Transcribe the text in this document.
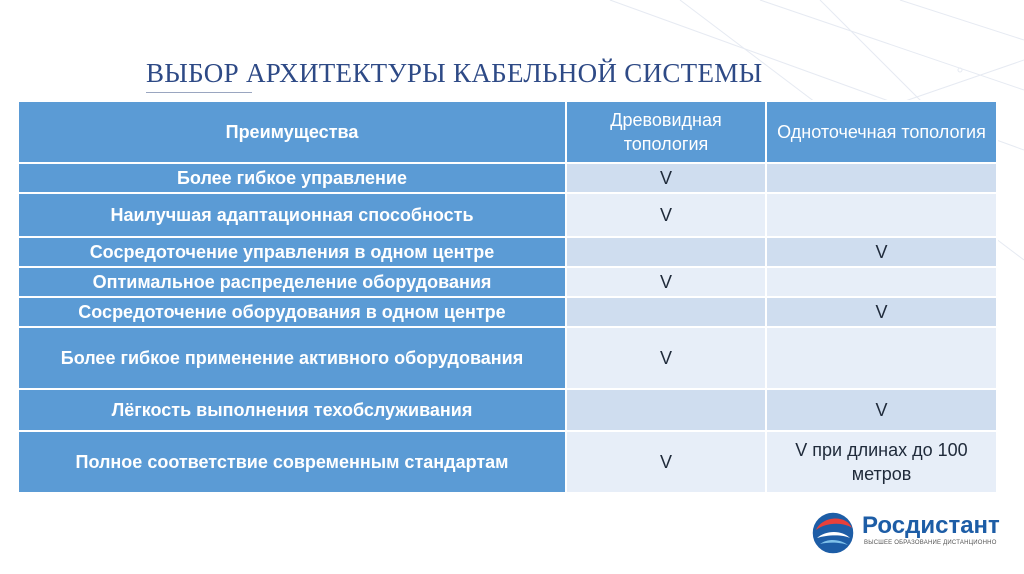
ВЫБОР АРХИТЕКТУРЫ КАБЕЛЬНОЙ СИСТЕМЫ
Преимущества	Древовидная топология	Одноточечная топология
Более гибкое управление	V	
Наилучшая адаптационная способность	V	
Сосредоточение управления в одном центре		V
Оптимальное распределение оборудования	V	
Сосредоточение оборудования в одном центре		V
Более гибкое применение активного оборудования	V	
Лёгкость выполнения техобслуживания		V
Полное соответствие современным стандартам	V	V при длинах до 100 метров
Росдистант
ВЫСШЕЕ ОБРАЗОВАНИЕ ДИСТАНЦИОННО
